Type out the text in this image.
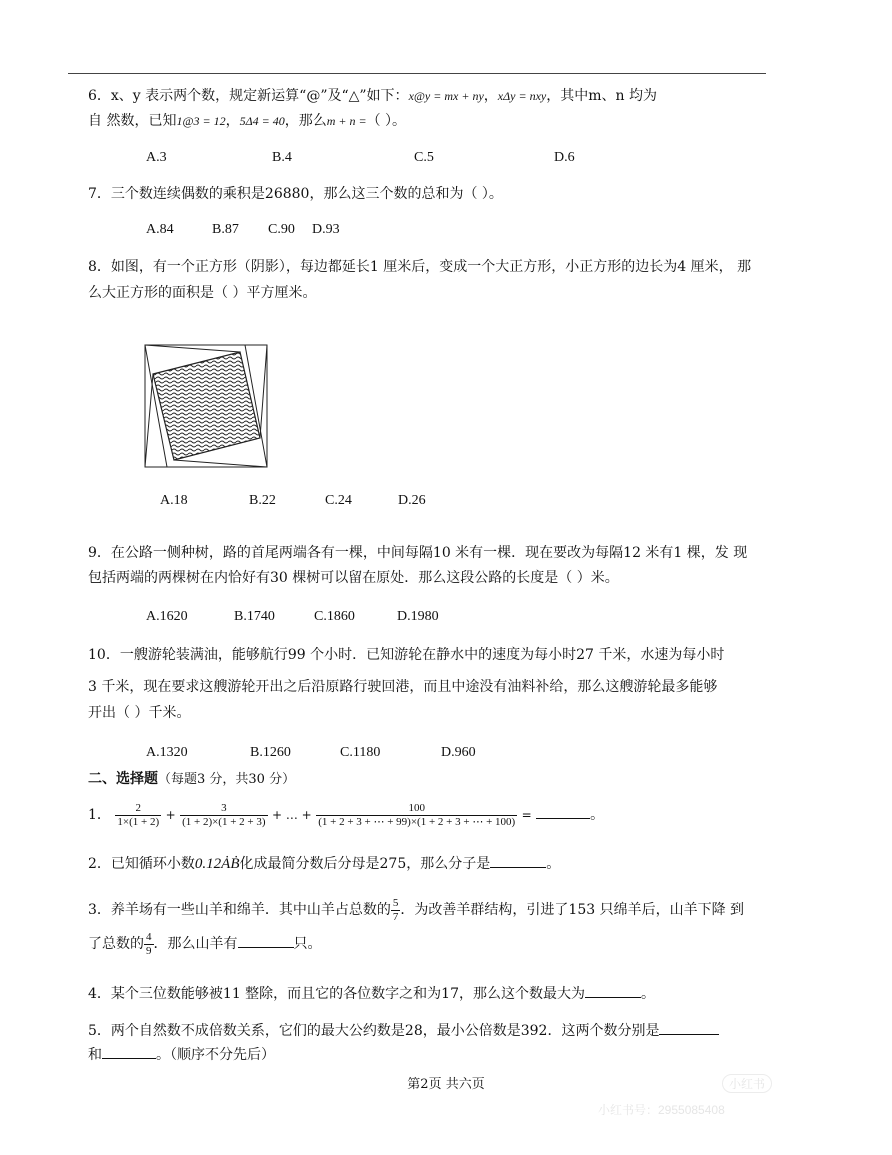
6．x、y 表示两个数，规定新运算“@”及“△”如下：x@y = mx + ny，xΔy = nxy，其中m、n 均为
自 然数，已知1@3 = 12，5Δ4 = 40，那么m + n =（ ）。
A.3	B.4	C.5	D.6
7．三个数连续偶数的乘积是26880，那么这三个数的总和为（ ）。
A.84	B.87 C.90 D.93
8．如图，有一个正方形（阴影），每边都延长1 厘米后，变成一个大正方形，小正方形的边长为4 厘米， 那
么大正方形的面积是（ ）平方厘米。
A.18	B.22	C.24	D.26
9．在公路一侧种树，路的首尾两端各有一棵，中间每隔10 米有一棵．现在要改为每隔12 米有1 棵，发 现
包括两端的两棵树在内恰好有30 棵树可以留在原处．那么这段公路的长度是（ ）米。
A.1620	B.1740	C.1860	D.1980
10．一艘游轮装满油，能够航行99 个小时．已知游轮在静水中的速度为每小时27 千米，水速为每小时
3 千米，现在要求这艘游轮开出之后沿原路行驶回港，而且中途没有油料补给，那么这艘游轮最多能够
开出（ ）千米。
A.1320	B.1260	C.1180	D.960
二、选择题（每题3 分，共30 分）
1． $\frac{2}{1\times(1 + 2)} + \frac{3}{(1 + 2)\times(1 + 2 + 3)}$ + … + $\frac{100}{(1 + 2 + 3 + \cdots + 99)\times(1 + 2 + 3 + \cdots + 100)}$ =	。
2．已知循环小数0.12ȦḂ化成最简分数后分母是275，那么分子是	。
3．养羊场有一些山羊和绵羊．其中山羊占总数的 $\frac{5}{7}$ ．为改善羊群结构，引进了153 只绵羊后，山羊下降 到
了总数的 $\frac{4}{9}$ ．那么山羊有	只。
4．某个三位数能够被11 整除，而且它的各位数字之和为17，那么这个数最大为	。
5．两个自然数不成倍数关系，它们的最大公约数是28，最小公倍数是392．这两个数分别是
和	。（顺序不分先后）
第2页 共六页	小红书
小红书号：2955085408
